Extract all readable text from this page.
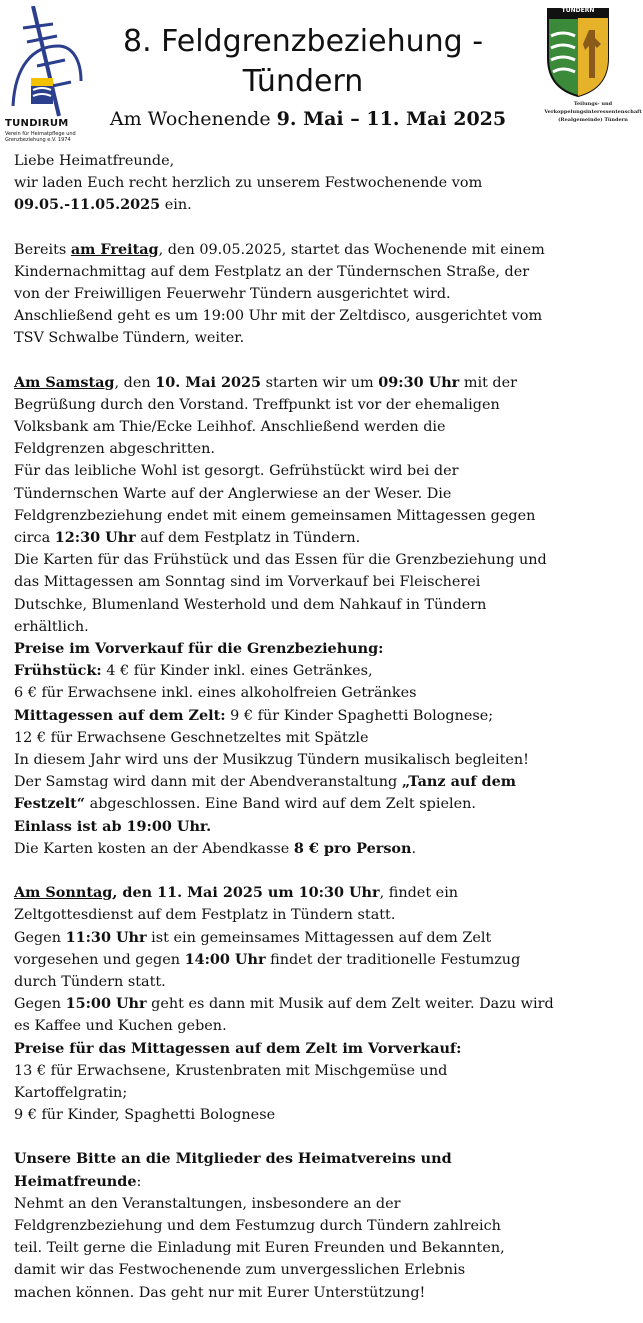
TUNDIRUM
Verein für Heimatpflege und
Grenzbeziehung e.V. 1974
8. Feldgrenzbeziehung -
Tündern
Am Wochenende 9. Mai – 11. Mai 2025
TÜNDERN
Teilungs- und
Verkoppelungsinteressentenschaft
(Realgemeinde) Tündern

Liebe Heimatfreunde,

wir laden Euch recht herzlich zu unserem Festwochenende vom

09.05.-11.05.2025 ein.

Bereits am Freitag, den 09.05.2025, startet das Wochenende mit einem

Kindernachmittag auf dem Festplatz an der Tündernschen Straße, der

von der Freiwilligen Feuerwehr Tündern ausgerichtet wird.

Anschließend geht es um 19:00 Uhr mit der Zeltdisco, ausgerichtet vom

TSV Schwalbe Tündern, weiter.

Am Samstag, den 10. Mai 2025 starten wir um 09:30 Uhr mit der

Begrüßung durch den Vorstand. Treffpunkt ist vor der ehemaligen

Volksbank am Thie/Ecke Leihhof. Anschließend werden die

Feldgrenzen abgeschritten.

Für das leibliche Wohl ist gesorgt. Gefrühstückt wird bei der

Tündernschen Warte auf der Anglerwiese an der Weser. Die

Feldgrenzbeziehung endet mit einem gemeinsamen Mittagessen gegen

circa 12:30 Uhr auf dem Festplatz in Tündern.

Die Karten für das Frühstück und das Essen für die Grenzbeziehung und

das Mittagessen am Sonntag sind im Vorverkauf bei Fleischerei

Dutschke, Blumenland Westerhold und dem Nahkauf in Tündern

erhältlich.

Preise im Vorverkauf für die Grenzbeziehung:

Frühstück: 4 € für Kinder inkl. eines Getränkes,

6 € für Erwachsene inkl. eines alkoholfreien Getränkes

Mittagessen auf dem Zelt: 9 € für Kinder Spaghetti Bolognese;

12 € für Erwachsene Geschnetzeltes mit Spätzle

In diesem Jahr wird uns der Musikzug Tündern musikalisch begleiten!

Der Samstag wird dann mit der Abendveranstaltung „Tanz auf dem

Festzelt“ abgeschlossen. Eine Band wird auf dem Zelt spielen.

Einlass ist ab 19:00 Uhr.

Die Karten kosten an der Abendkasse 8 € pro Person.

Am Sonntag, den 11. Mai 2025 um 10:30 Uhr, findet ein

Zeltgottesdienst auf dem Festplatz in Tündern statt.

Gegen 11:30 Uhr ist ein gemeinsames Mittagessen auf dem Zelt

vorgesehen und gegen 14:00 Uhr findet der traditionelle Festumzug

durch Tündern statt.

Gegen 15:00 Uhr geht es dann mit Musik auf dem Zelt weiter. Dazu wird

es Kaffee und Kuchen geben.

Preise für das Mittagessen auf dem Zelt im Vorverkauf:

13 € für Erwachsene, Krustenbraten mit Mischgemüse und

Kartoffelgratin;

9 € für Kinder, Spaghetti Bolognese

Unsere Bitte an die Mitglieder des Heimatvereins und

Heimatfreunde:

Nehmt an den Veranstaltungen, insbesondere an der

Feldgrenzbeziehung und dem Festumzug durch Tündern zahlreich

teil. Teilt gerne die Einladung mit Euren Freunden und Bekannten,

damit wir das Festwochenende zum unvergesslichen Erlebnis

machen können. Das geht nur mit Eurer Unterstützung!
